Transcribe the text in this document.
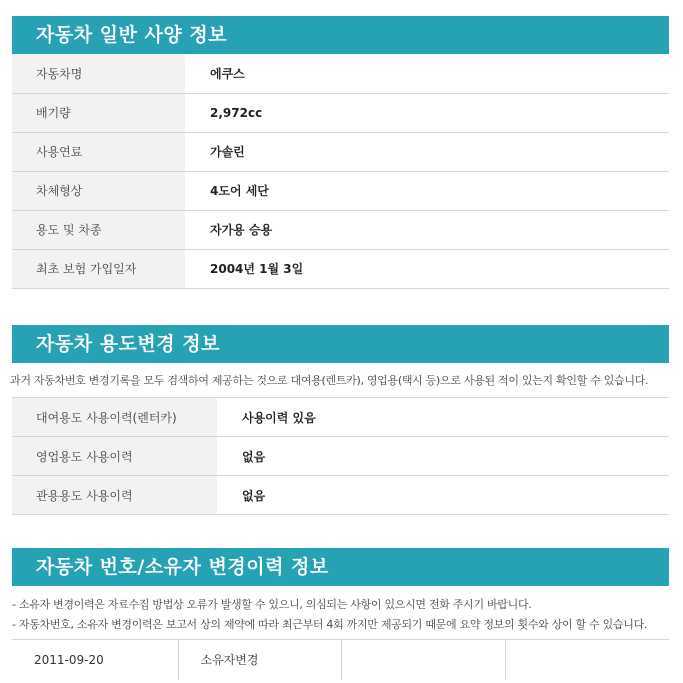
자동차 일반 사양 정보
자동차명	에쿠스
배기량	2,972cc
사용연료	가솔린
차체형상	4도어 세단
용도 및 차종	자가용 승용
최초 보험 가입일자	2004년 1월 3일
자동차 용도변경 정보
과거 자동차번호 변경기록을 모두 검색하여 제공하는 것으로 대여용(렌트카), 영업용(택시 등)으로 사용된 적이 있는지 확인할 수 있습니다.
대여용도 사용이력(렌터카)	사용이력 있음
영업용도 사용이력	없음
관용용도 사용이력	없음
자동차 번호/소유자 변경이력 정보
- 소유자 변경이력은 자료수집 방법상 오류가 발생할 수 있으니, 의심되는 사항이 있으시면 전화 주시기 바랍니다.
- 자동차번호, 소유자 변경이력은 보고서 상의 제약에 따라 최근부터 4회 까지만 제공되기 때문에 요약 정보의 횟수와 상이 할 수 있습니다.
2011-09-20	소유자변경		
